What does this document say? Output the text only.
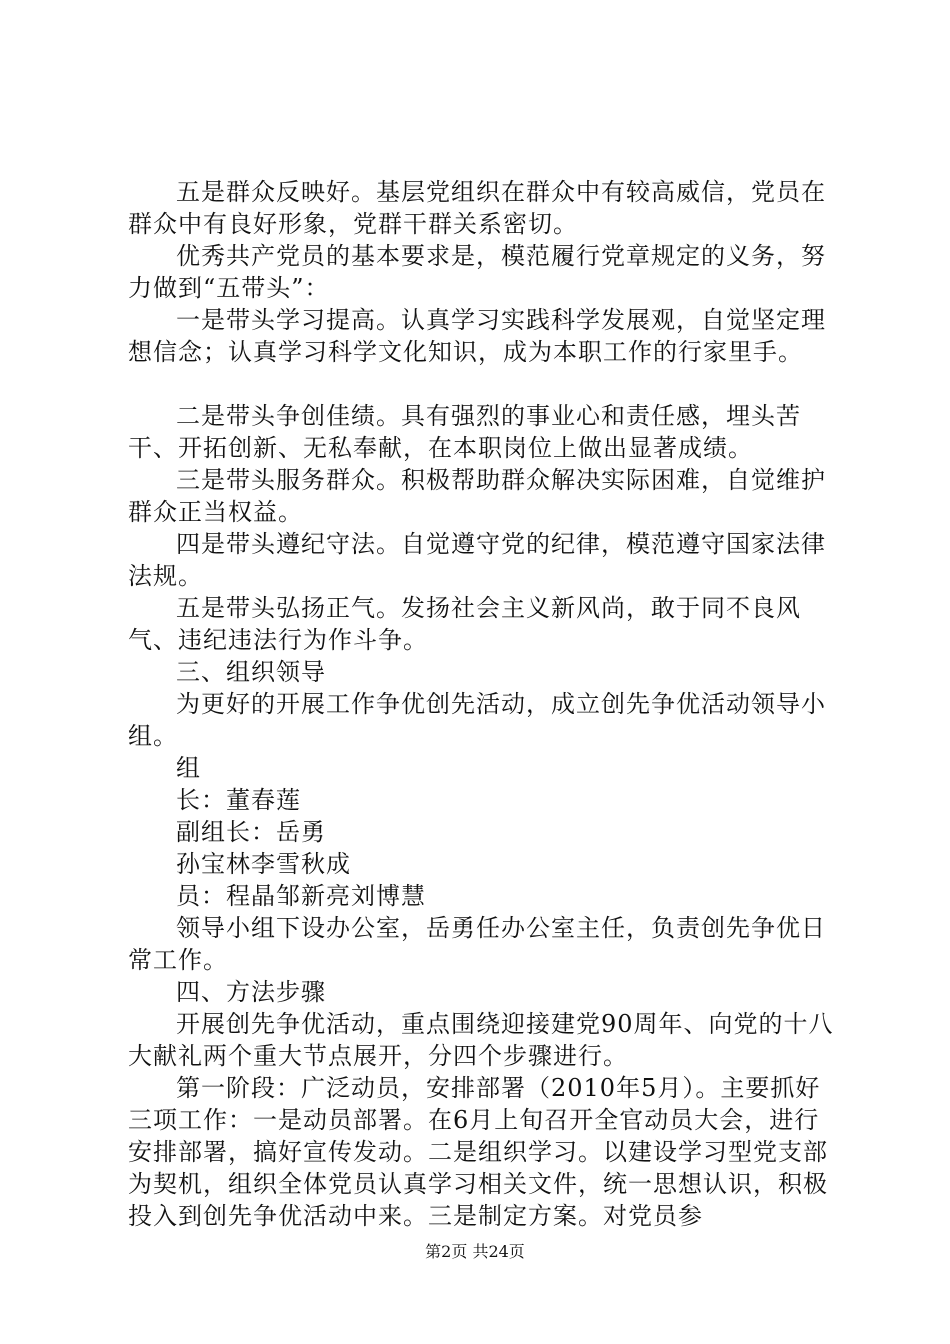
五是群众反映好。基层党组织在群众中有较高威信，党员在群众中有良好形象，党群干群关系密切。

优秀共产党员的基本要求是，模范履行党章规定的义务，努力做到“五带头”：

一是带头学习提高。认真学习实践科学发展观，自觉坚定理想信念；认真学习科学文化知识，成为本职工作的行家里手。

二是带头争创佳绩。具有强烈的事业心和责任感，埋头苦干、开拓创新、无私奉献，在本职岗位上做出显著成绩。

三是带头服务群众。积极帮助群众解决实际困难，自觉维护群众正当权益。

四是带头遵纪守法。自觉遵守党的纪律，模范遵守国家法律法规。

五是带头弘扬正气。发扬社会主义新风尚，敢于同不良风气、违纪违法行为作斗争。

三、组织领导

为更好的开展工作争优创先活动，成立创先争优活动领导小组。

组

长：董春莲

副组长：岳勇

孙宝林李雪秋成

员：程晶邹新亮刘博慧

领导小组下设办公室，岳勇任办公室主任，负责创先争优日常工作。

四、方法步骤

开展创先争优活动，重点围绕迎接建党90周年、向党的十八大献礼两个重大节点展开，分四个步骤进行。

第一阶段：广泛动员，安排部署（2010年5月）。主要抓好三项工作：一是动员部署。在6月上旬召开全官动员大会，进行安排部署，搞好宣传发动。二是组织学习。以建设学习型党支部为契机，组织全体党员认真学习相关文件，统一思想认识，积极投入到创先争优活动中来。三是制定方案。对党员参

第2页 共24页
